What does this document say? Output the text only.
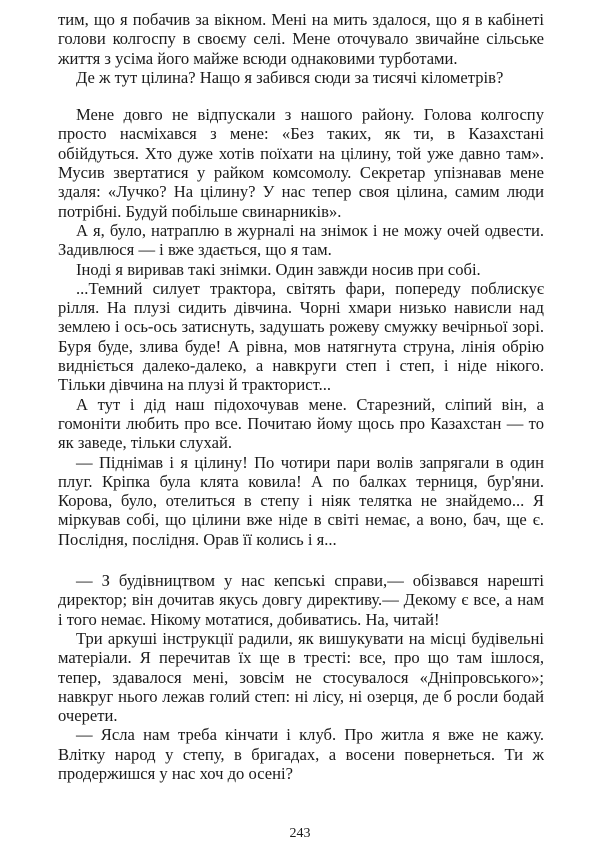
тим, що я побачив за вікном. Мені на мить здалося, що я в кабінеті голови колгоспу в своєму селі. Мене оточувало звичайне сільське життя з усіма його майже всюди однаковими турботами.

Де ж тут цілина? Нащо я забився сюди за тисячі кілометрів?

Мене довго не відпускали з нашого району. Голова колгоспу просто насміхався з мене: «Без таких, як ти, в Казахстані обійдуться. Хто дуже хотів поїхати на цілину, той уже давно там». Мусив звертатися у райком комсомолу. Секретар упізнавав мене здаля: «Лучко? На цілину? У нас тепер своя цілина, самим люди потрібні. Будуй побільше свинарників».

А я, було, натраплю в журналі на знімок і не можу очей одвести. Задивлюся — і вже здається, що я там.

Іноді я виривав такі знімки. Один завжди носив при собі.

...Темний силует трактора, світять фари, попереду поблискує рілля. На плузі сидить дівчина. Чорні хмари низько нависли над землею і ось-ось затиснуть, задушать рожеву смужку вечірньої зорі. Буря буде, злива буде! А рівна, мов натягнута струна, лінія обрію видніється далеко-далеко, а навкруги степ і степ, і ніде нікого. Тільки дівчина на плузі й тракторист...

А тут і дід наш підохочував мене. Старезний, сліпий він, а гомоніти любить про все. Почитаю йому щось про Казахстан — то як заведе, тільки слухай.

— Піднімав і я цілину! По чотири пари волів запрягали в один плуг. Кріпка була клята ковила! А по балках терниця, бур'яни. Корова, було, отелиться в степу і ніяк телятка не знайдемо... Я міркував собі, що цілини вже ніде в світі немає, а воно, бач, ще є. Послідня, послідня. Орав її колись і я...

— З будівництвом у нас кепські справи,— обізвався нарешті директор; він дочитав якусь довгу директиву.— Декому є все, а нам і того немає. Нікому мотатися, добиватись. На, читай!

Три аркуші інструкції радили, як вишукувати на місці будівельні матеріали. Я перечитав їх ще в тресті: все, про що там ішлося, тепер, здавалося мені, зовсім не стосувалося «Дніпровського»; навкруг нього лежав голий степ: ні лісу, ні озерця, де б росли бодай очерети.

— Ясла нам треба кінчати і клуб. Про житла я вже не кажу. Влітку народ у степу, в бригадах, а восени повернеться. Ти ж продержишся у нас хоч до осені?

243
